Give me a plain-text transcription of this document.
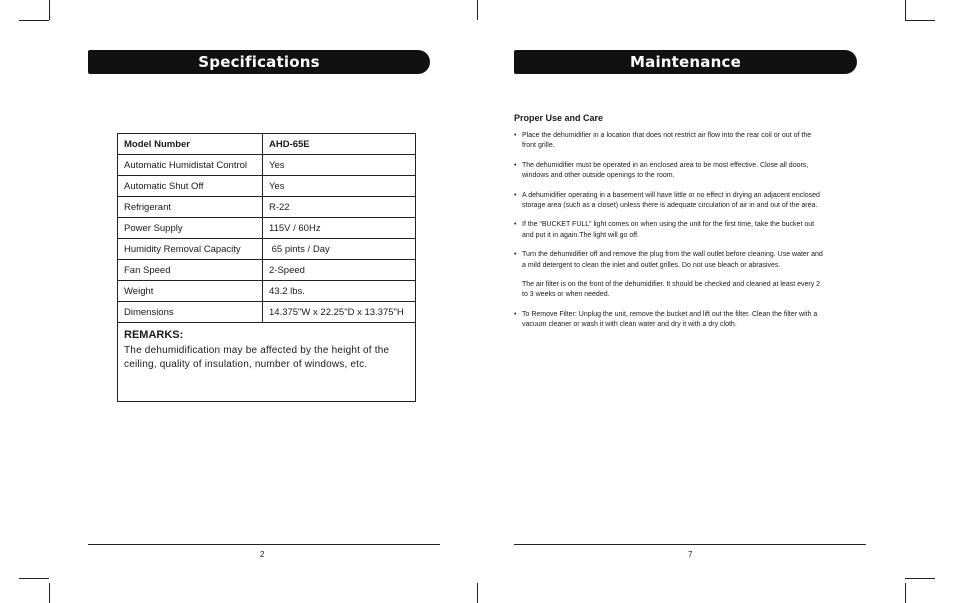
Specifications
Model Number	AHD-65E
Automatic Humidistat Control	Yes
Automatic Shut Off	Yes
Refrigerant	R-22
Power Supply	115V / 60Hz
Humidity Removal Capacity	65 pints / Day
Fan Speed	2-Speed
Weight	43.2 lbs.
Dimensions	14.375"W x 22.25"D x 13.375"H

REMARKS:
The dehumidification may be affected by the height of the ceiling, quality of insulation, number of windows, etc.	
2
Maintenance
Proper Use and Care

• Place the dehumidifier in a location that does not restrict air flow into the rear coil or out of the front grille.

• The dehumidifier must be operated in an enclosed area to be most effective. Close all doors, windows and other outside openings to the room.

• A dehumidifier operating in a basement will have little or no effect in drying an adjacent enclosed storage area (such as a closet) unless there is adequate circulation of air in and out of the area.

• If the “BUCKET FULL” light comes on when using the unit for the first time, take the bucket out and put it in again.The light will go off.

• Turn the dehumidifier off and remove the plug from the wall outlet before cleaning. Use water and a mild detergent to clean the inlet and outlet grilles. Do not use bleach or abrasives.

The air filter is on the front of the dehumidifier. It should be checked and cleaned at least every 2 to 3 weeks or when needed.

• To Remove Filter: Unplug the unit, remove the bucket and lift out the filter. Clean the filter with a vacuum cleaner or wash it with clean water and dry it with a dry cloth.

7
